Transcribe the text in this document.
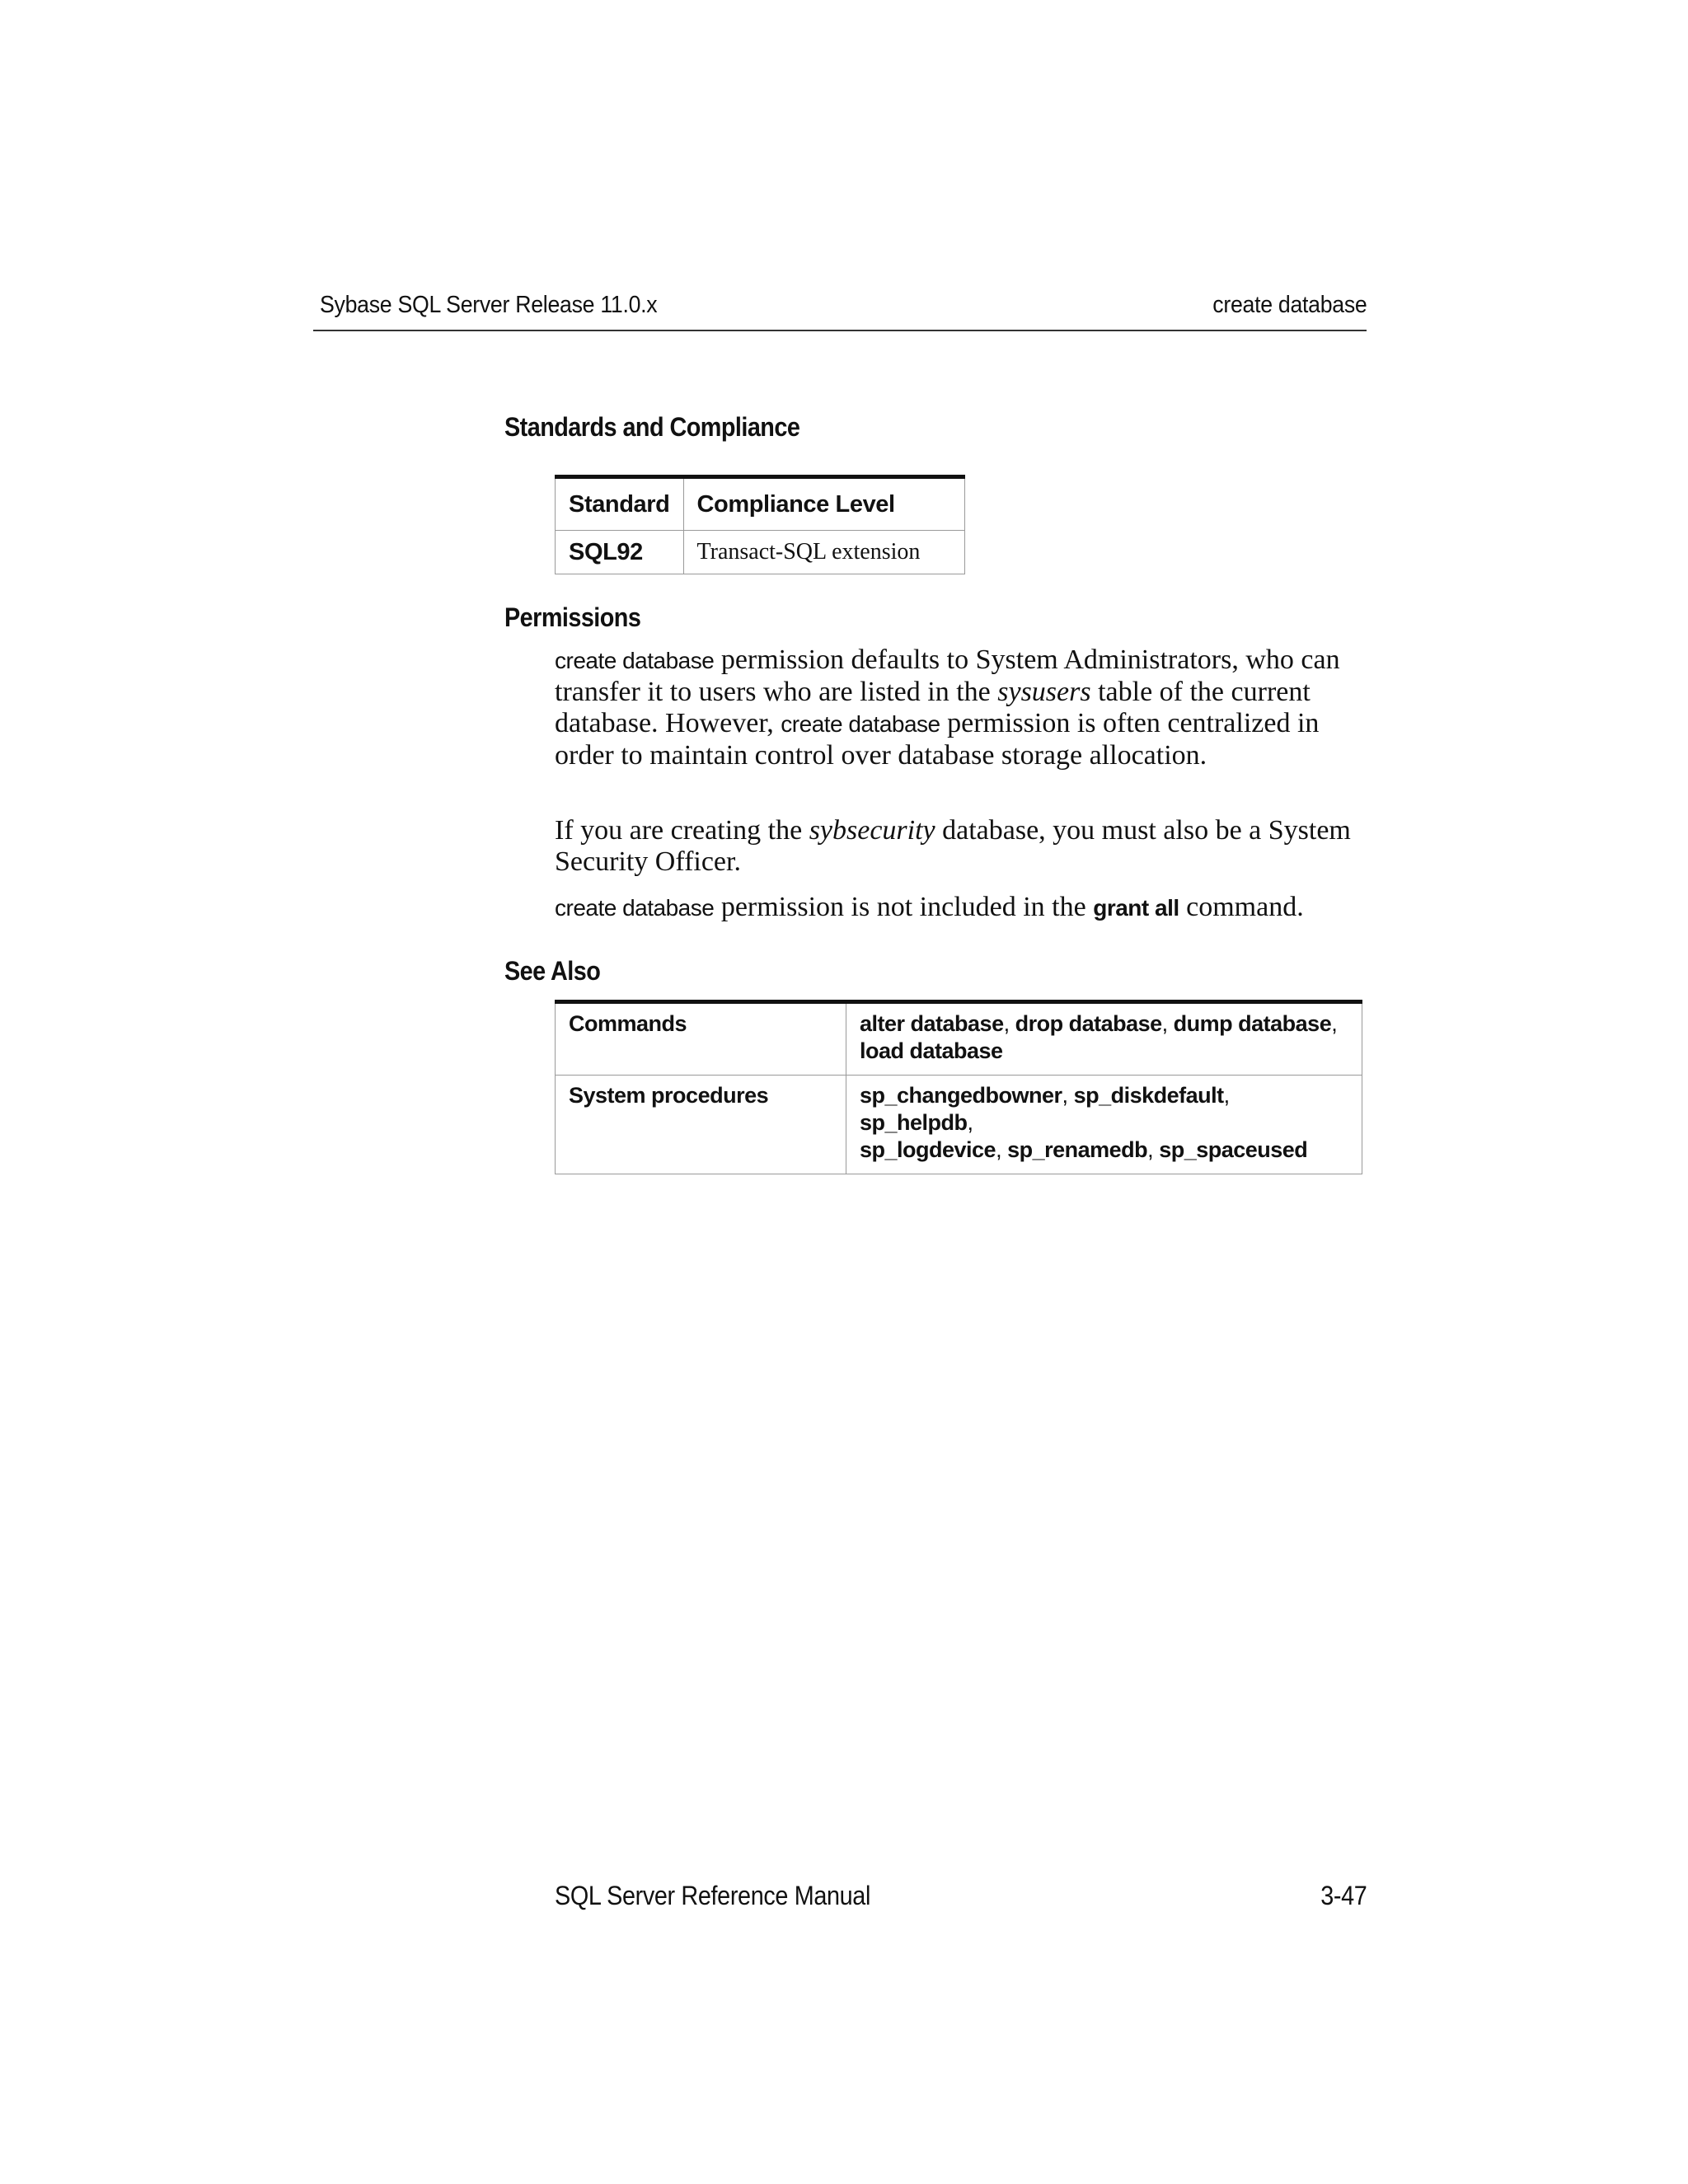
Sybase SQL Server Release 11.0.x	create database
Standards and Compliance
Standard	Compliance Level
SQL92	Transact-SQL extension
Permissions

create database permission defaults to System Administrators, who can transfer it to users who are listed in the sysusers table of the current database. However, create database permission is often centralized in order to maintain control over database storage allocation.

If you are creating the sybsecurity database, you must also be a System Security Officer.

create database permission is not included in the grant all command.

See Also
Commands	alter database, drop database, dump database,
load database
System procedures	sp_changedbowner, sp_diskdefault, sp_helpdb,
sp_logdevice, sp_renamedb, sp_spaceused
SQL Server Reference Manual	3-47
